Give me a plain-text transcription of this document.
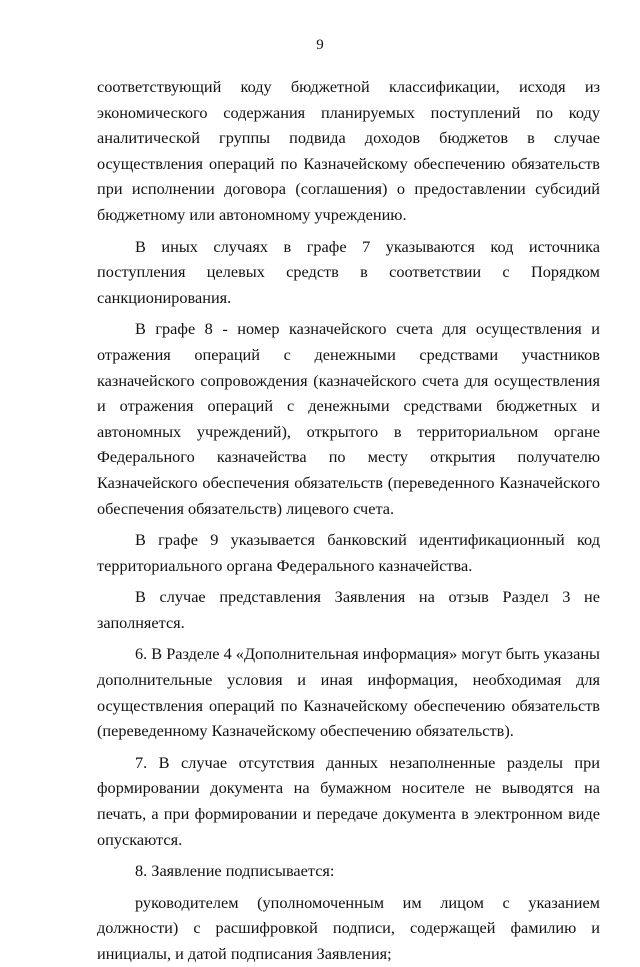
9

соответствующий коду бюджетной классификации, исходя из экономического содержания планируемых поступлений по коду аналитической группы подвида доходов бюджетов в случае осуществления операций по Казначейскому обеспечению обязательств при исполнении договора (соглашения) о предоставлении субсидий бюджетному или автономному учреждению.

В иных случаях в графе 7 указываются код источника поступления целевых средств в соответствии с Порядком санкционирования.

В графе 8 - номер казначейского счета для осуществления и отражения операций с денежными средствами участников казначейского сопровождения (казначейского счета для осуществления и отражения операций с денежными средствами бюджетных и автономных учреждений), открытого в территориальном органе Федерального казначейства по месту открытия получателю Казначейского обеспечения обязательств (переведенного Казначейского обеспечения обязательств) лицевого счета.

В графе 9 указывается банковский идентификационный код территориального органа Федерального казначейства.

В случае представления Заявления на отзыв Раздел 3 не заполняется.

6. В Разделе 4 «Дополнительная информация» могут быть указаны дополнительные условия и иная информация, необходимая для осуществления операций по Казначейскому обеспечению обязательств (переведенному Казначейскому обеспечению обязательств).

7. В случае отсутствия данных незаполненные разделы при формировании документа на бумажном носителе не выводятся на печать, а при формировании и передаче документа в электронном виде опускаются.

8. Заявление подписывается:

руководителем (уполномоченным им лицом с указанием должности) с расшифровкой подписи, содержащей фамилию и инициалы, и датой подписания Заявления;
